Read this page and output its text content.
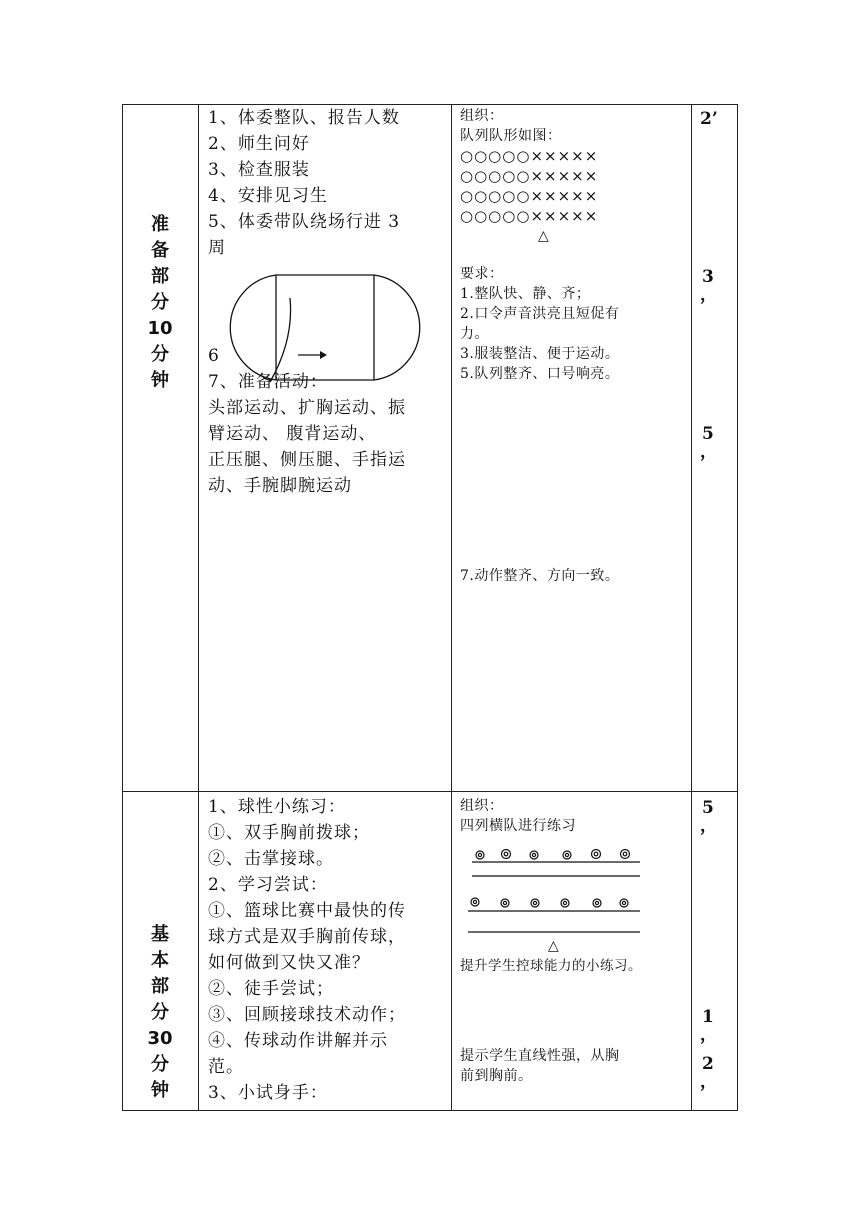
准
备
部
分
10
分
钟
1、体委整队、报告人数
2、师生问好
3、检查服装
4、安排见习生
5、体委带队绕场行进 3
周
6
7、准备活动：
头部运动、扩胸运动、振
臂运动、 腹背运动、
正压腿、侧压腿、手指运
动、手腕脚腕运动
组织：
队列队形如图：
○○○○○×××××
○○○○○×××××
○○○○○×××××
○○○○○×××××
△
要求：
1.整队快、静、齐；
2.口令声音洪亮且短促有
力。
3.服装整洁、便于运动。
5.队列整齐、口号响亮。
7.动作整齐、方向一致。
2’
3
，
5
，
基
本
部
分
30
分
钟
1、球性小练习：
①、双手胸前拨球；
②、击掌接球。
2、学习尝试：
①、篮球比赛中最快的传
球方式是双手胸前传球，
如何做到又快又准？
②、徒手尝试；
③、回顾接球技术动作；
④、传球动作讲解并示
范。
3、小试身手：
组织：
四列横队进行练习
△
提升学生控球能力的小练习。
提示学生直线性强，从胸
前到胸前。
5
，
1
，
2
，
